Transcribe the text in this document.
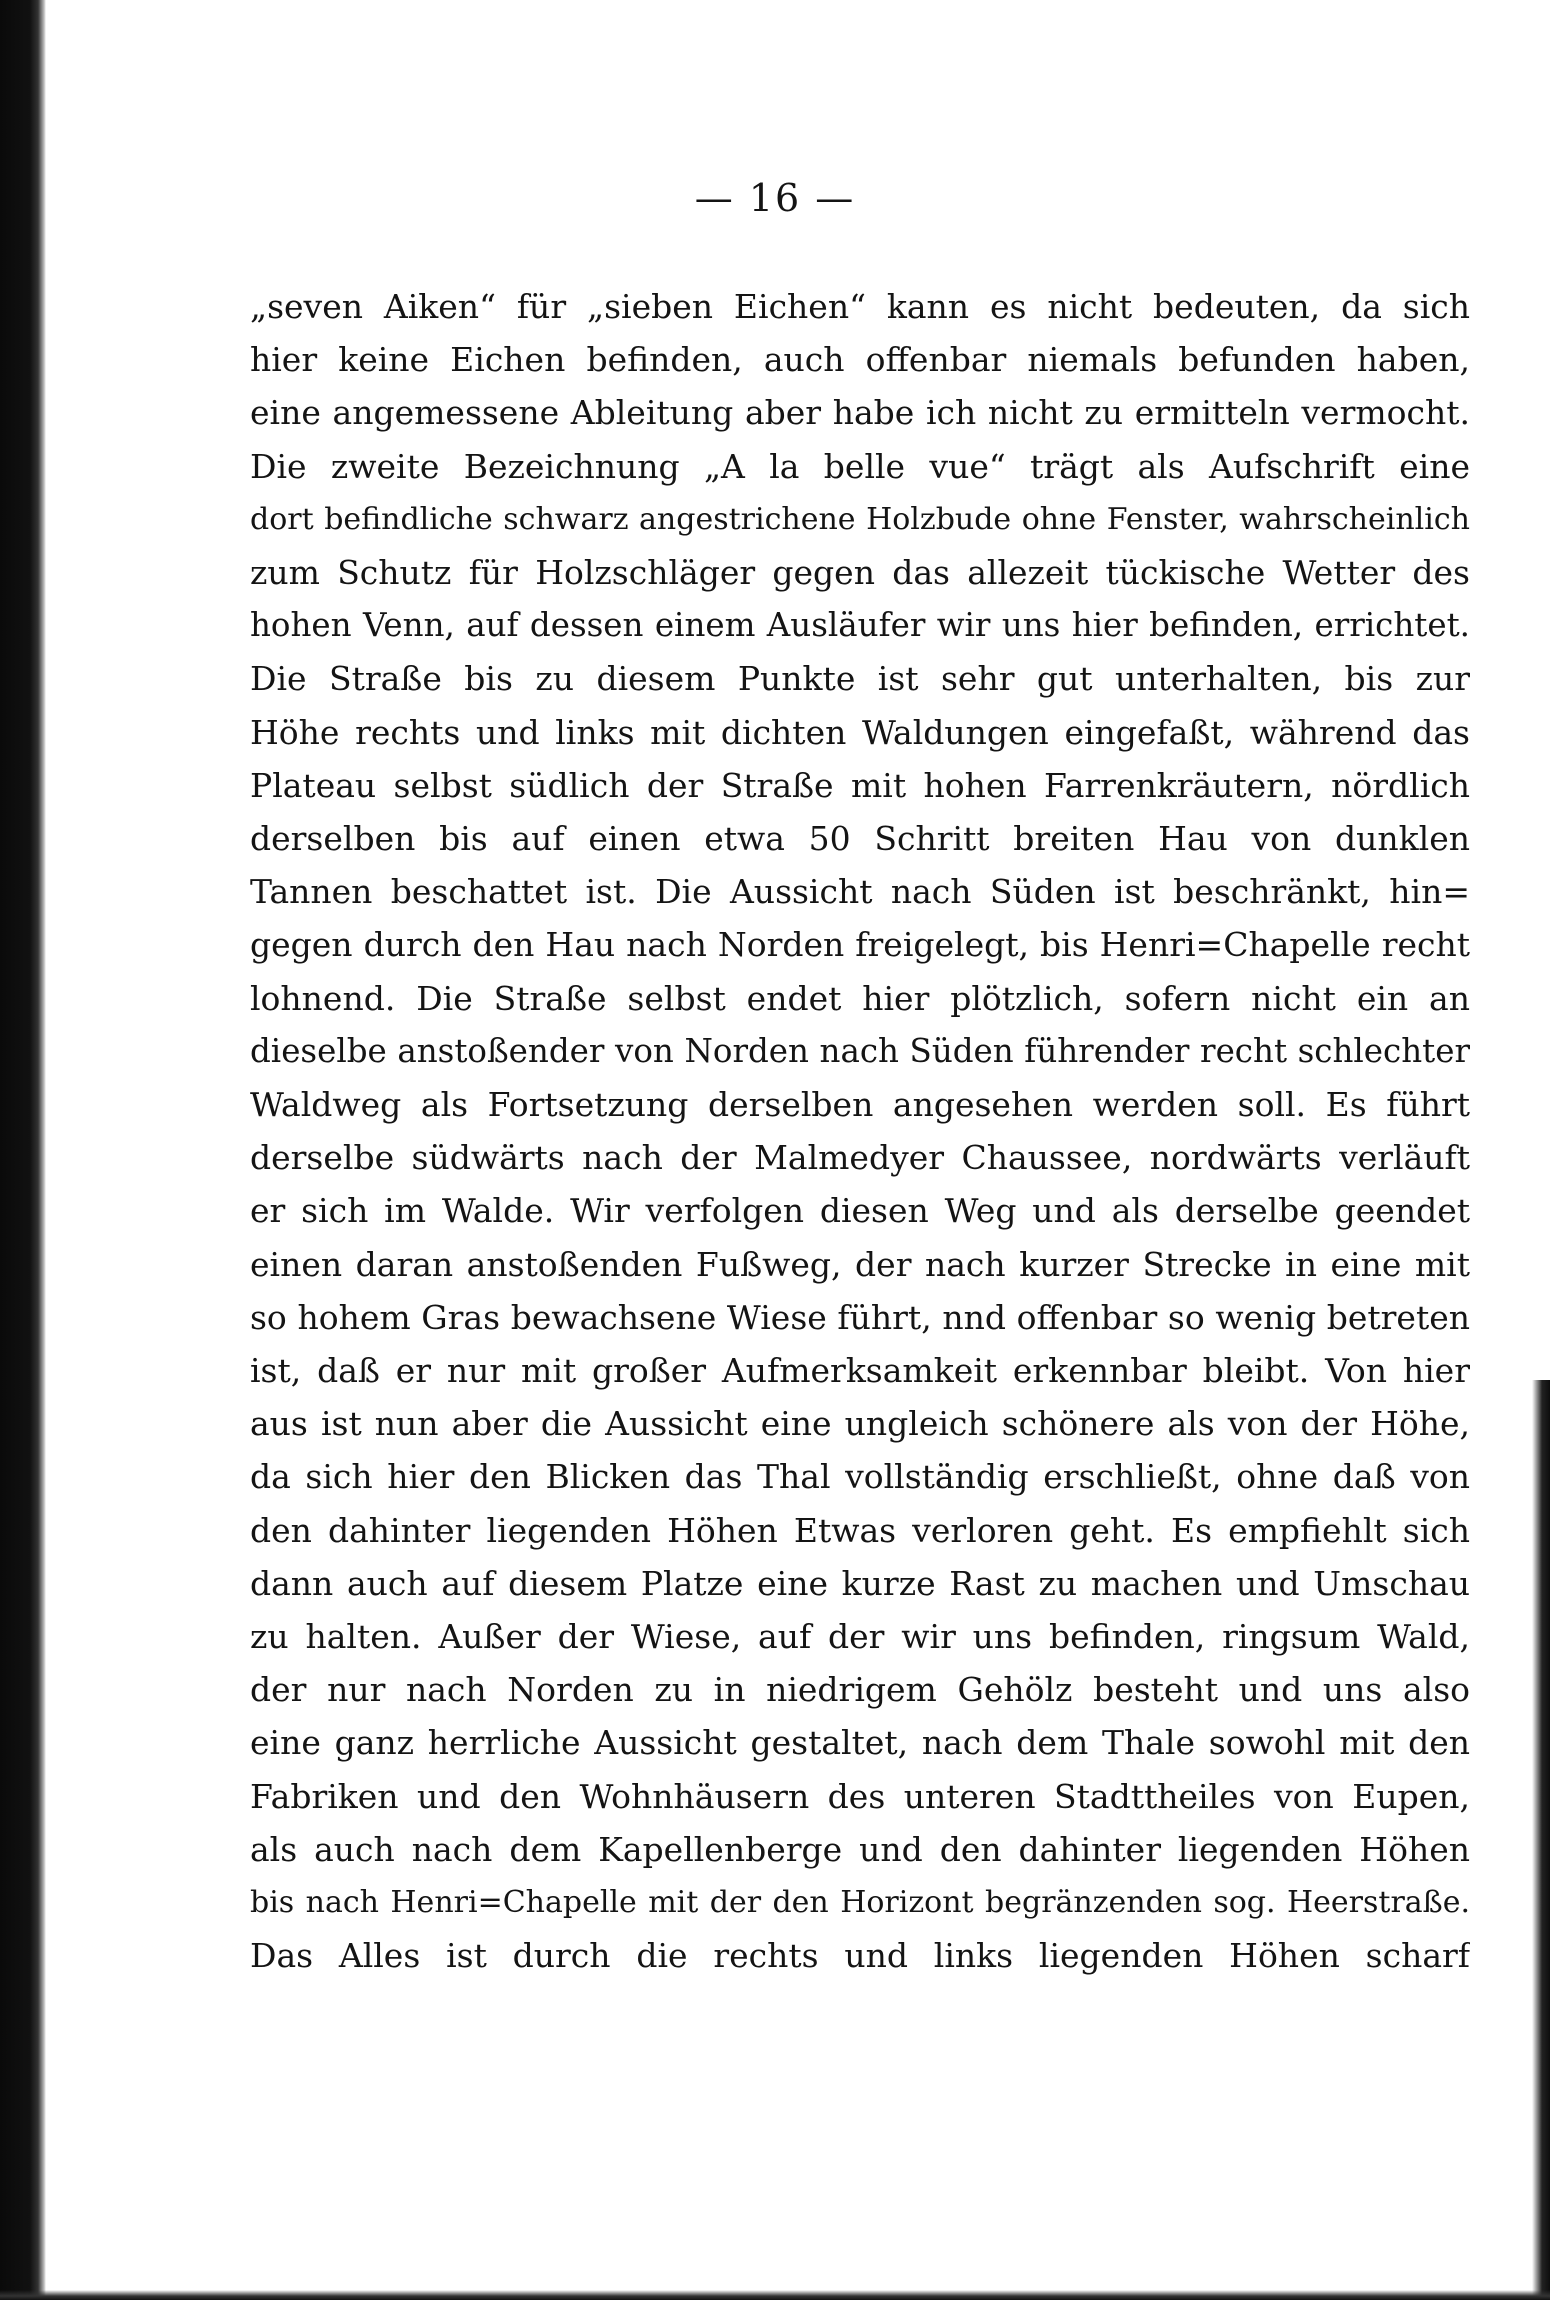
— 16 —
„seven Aiken“ für „sieben Eichen“ kann es nicht bedeuten, da sich
hier keine Eichen befinden, auch offenbar niemals befunden haben,
eine angemessene Ableitung aber habe ich nicht zu ermitteln vermocht.
Die zweite Bezeichnung „A la belle vue“ trägt als Aufschrift eine
dort befindliche schwarz angestrichene Holzbude ohne Fenster, wahrscheinlich
zum Schutz für Holzschläger gegen das allezeit tückische Wetter des
hohen Venn, auf dessen einem Ausläufer wir uns hier befinden, errichtet.
Die Straße bis zu diesem Punkte ist sehr gut unterhalten, bis zur
Höhe rechts und links mit dichten Waldungen eingefaßt, während das
Plateau selbst südlich der Straße mit hohen Farrenkräutern, nördlich
derselben bis auf einen etwa 50 Schritt breiten Hau von dunklen
Tannen beschattet ist. Die Aussicht nach Süden ist beschränkt, hin=
gegen durch den Hau nach Norden freigelegt, bis Henri=Chapelle recht
lohnend. Die Straße selbst endet hier plötzlich, sofern nicht ein an
dieselbe anstoßender von Norden nach Süden führender recht schlechter
Waldweg als Fortsetzung derselben angesehen werden soll. Es führt
derselbe südwärts nach der Malmedyer Chaussee, nordwärts verläuft
er sich im Walde. Wir verfolgen diesen Weg und als derselbe geendet
einen daran anstoßenden Fußweg, der nach kurzer Strecke in eine mit
so hohem Gras bewachsene Wiese führt, nnd offenbar so wenig betreten
ist, daß er nur mit großer Aufmerksamkeit erkennbar bleibt. Von hier
aus ist nun aber die Aussicht eine ungleich schönere als von der Höhe,
da sich hier den Blicken das Thal vollständig erschließt, ohne daß von
den dahinter liegenden Höhen Etwas verloren geht. Es empfiehlt sich
dann auch auf diesem Platze eine kurze Rast zu machen und Umschau
zu halten. Außer der Wiese, auf der wir uns befinden, ringsum Wald,
der nur nach Norden zu in niedrigem Gehölz besteht und uns also
eine ganz herrliche Aussicht gestaltet, nach dem Thale sowohl mit den
Fabriken und den Wohnhäusern des unteren Stadttheiles von Eupen,
als auch nach dem Kapellenberge und den dahinter liegenden Höhen
bis nach Henri=Chapelle mit der den Horizont begränzenden sog. Heerstraße.
Das Alles ist durch die rechts und links liegenden Höhen scharf
